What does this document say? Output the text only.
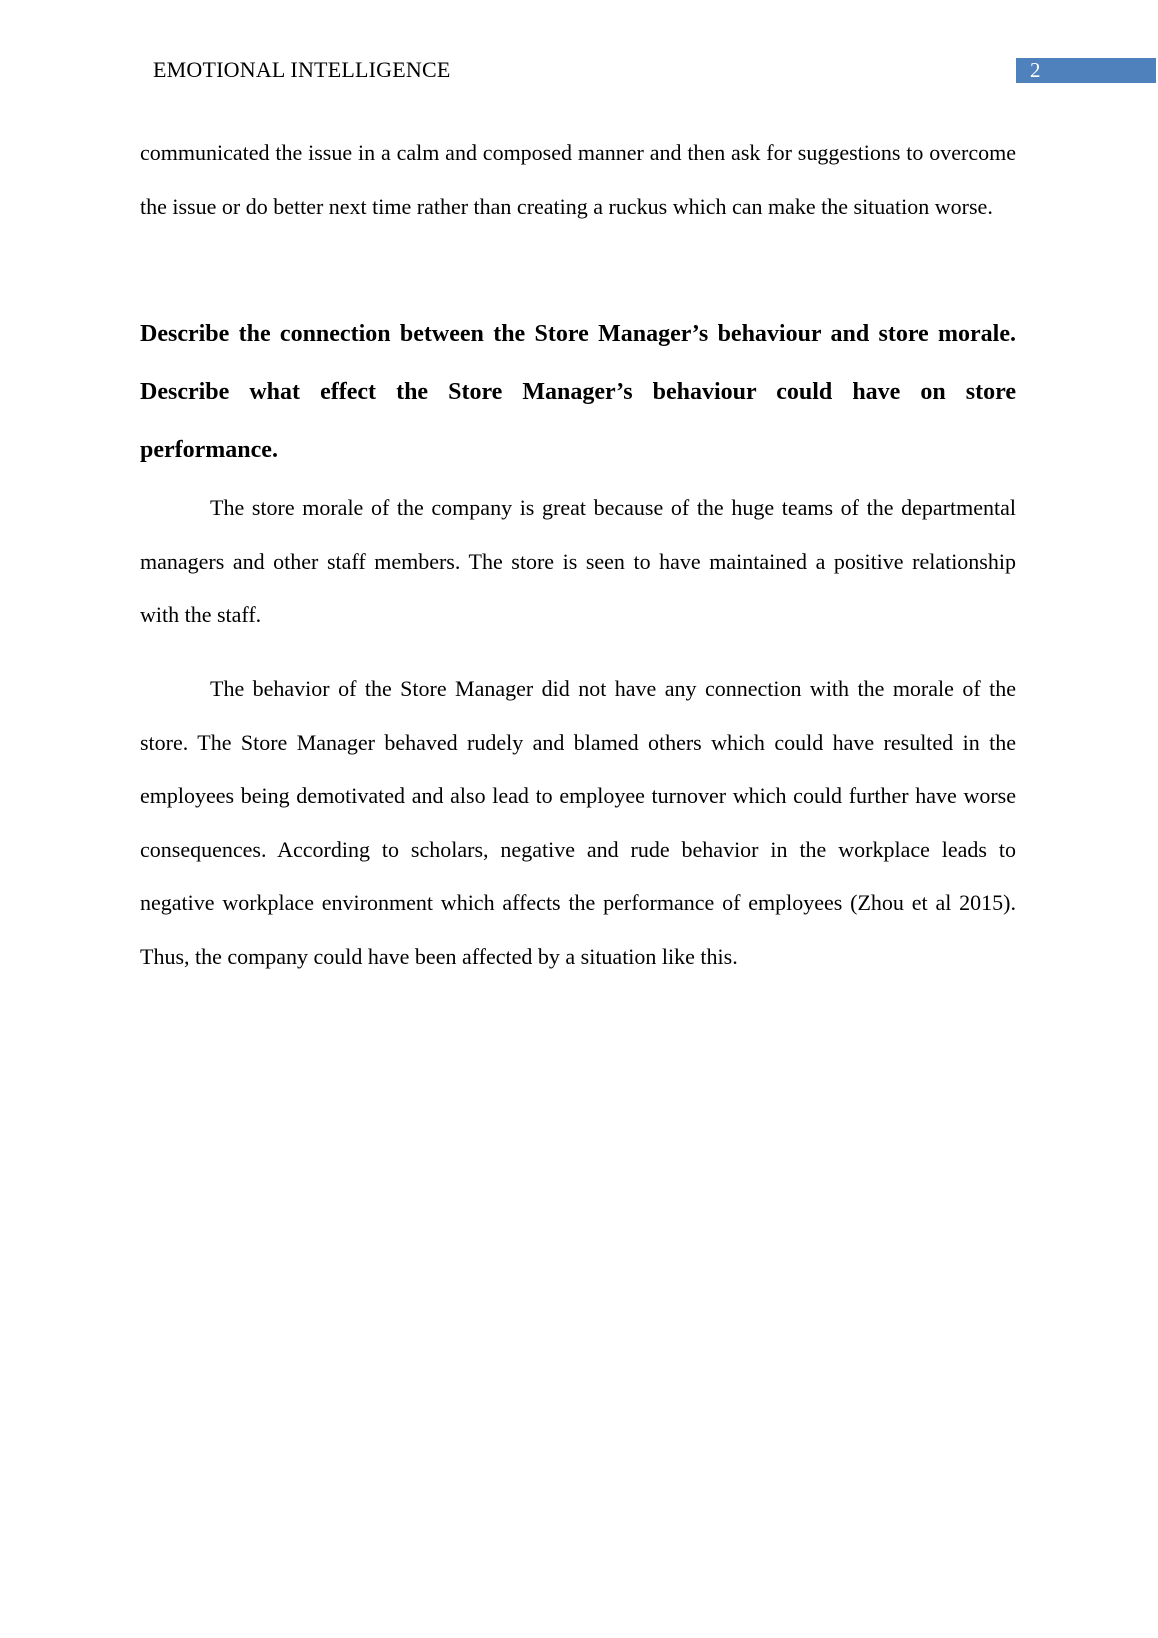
EMOTIONAL INTELLIGENCE	2

communicated the issue in a calm and composed manner and then ask for suggestions to overcome the issue or do better next time rather than creating a ruckus which can make the situation worse.

Describe the connection between the Store Manager’s behaviour and store morale. Describe what effect the Store Manager’s behaviour could have on store performance.

The store morale of the company is great because of the huge teams of the departmental managers and other staff members. The store is seen to have maintained a positive relationship with the staff.

The behavior of the Store Manager did not have any connection with the morale of the store. The Store Manager behaved rudely and blamed others which could have resulted in the employees being demotivated and also lead to employee turnover which could further have worse consequences. According to scholars, negative and rude behavior in the workplace leads to negative workplace environment which affects the performance of employees (Zhou et al 2015). Thus, the company could have been affected by a situation like this.
